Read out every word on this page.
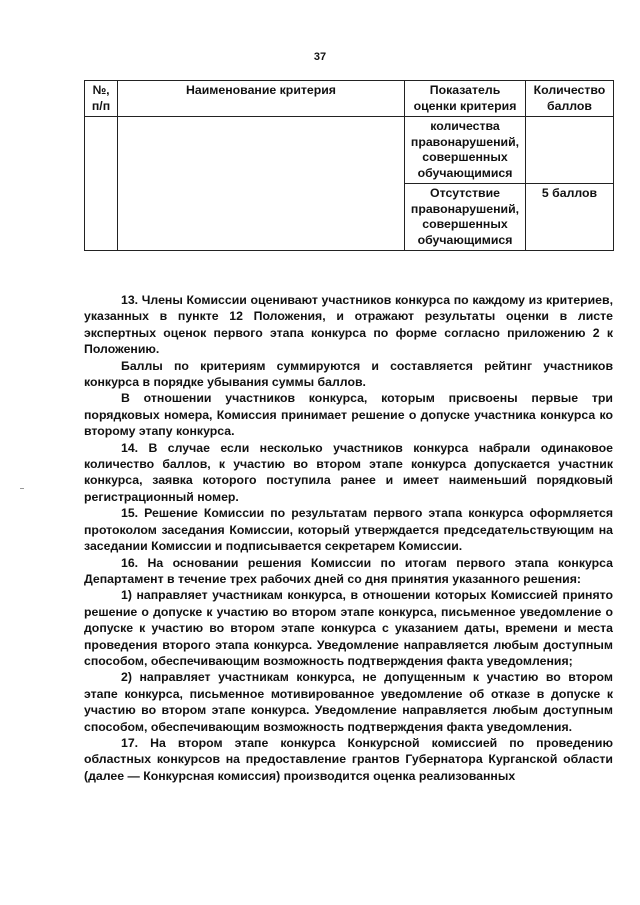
37
№, п/п	Наименование критерия	Показатель оценки критерия	Количество баллов
		количества правонарушений, совершенных обучающимися	
		Отсутствие правонарушений, совершенных обучающимися	5 баллов

13. Члены Комиссии оценивают участников конкурса по каждому из критериев, указанных в пункте 12 Положения, и отражают результаты оценки в листе экспертных оценок первого этапа конкурса по форме согласно приложению 2 к Положению.

Баллы по критериям суммируются и составляется рейтинг участников конкурса в порядке убывания суммы баллов.

В отношении участников конкурса, которым присвоены первые три порядковых номера, Комиссия принимает решение о допуске участника конкурса ко второму этапу конкурса.

14. В случае если несколько участников конкурса набрали одинаковое количество баллов, к участию во втором этапе конкурса допускается участник конкурса, заявка которого поступила ранее и имеет наименьший порядковый регистрационный номер.

15. Решение Комиссии по результатам первого этапа конкурса оформляется протоколом заседания Комиссии, который утверждается председательствующим на заседании Комиссии и подписывается секретарем Комиссии.

16. На основании решения Комиссии по итогам первого этапа конкурса Департамент в течение трех рабочих дней со дня принятия указанного решения:

1) направляет участникам конкурса, в отношении которых Комиссией принято решение о допуске к участию во втором этапе конкурса, письменное уведомление о допуске к участию во втором этапе конкурса с указанием даты, времени и места проведения второго этапа конкурса. Уведомление направляется любым доступным способом, обеспечивающим возможность подтверждения факта уведомления;

2) направляет участникам конкурса, не допущенным к участию во втором этапе конкурса, письменное мотивированное уведомление об отказе в допуске к участию во втором этапе конкурса. Уведомление направляется любым доступным способом, обеспечивающим возможность подтверждения факта уведомления.

17. На втором этапе конкурса Конкурсной комиссией по проведению областных конкурсов на предоставление грантов Губернатора Курганской области (далее — Конкурсная комиссия) производится оценка реализованных
